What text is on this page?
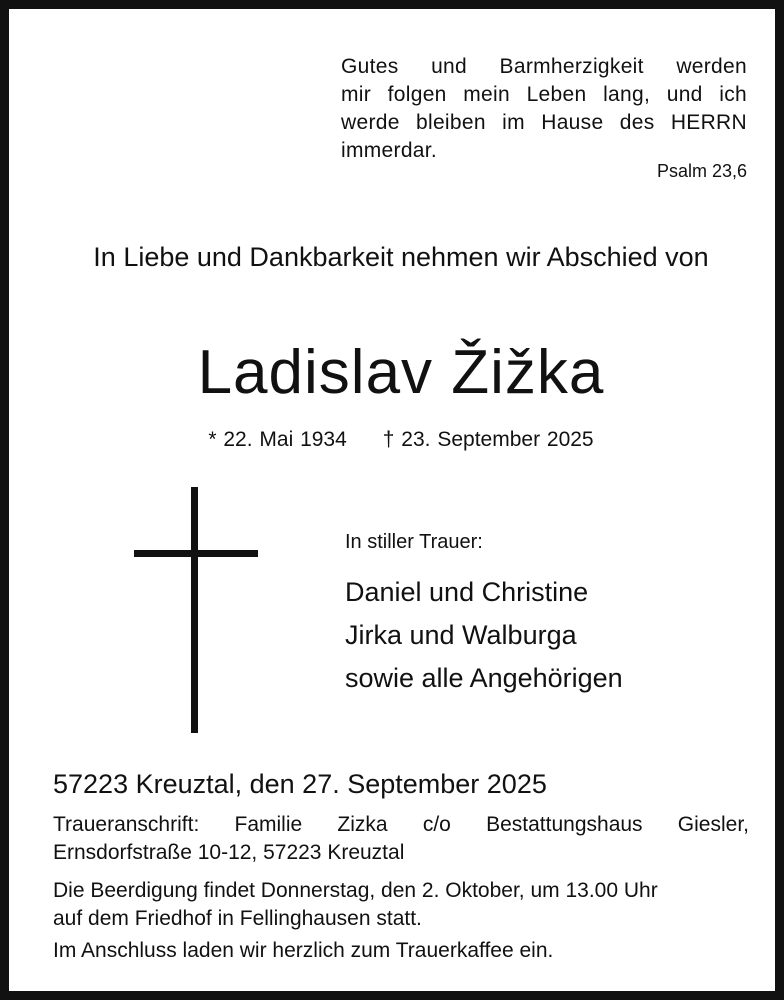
Gutes und Barmherzigkeit werden
mir folgen mein Leben lang, und ich
werde bleiben im Hause des HERRN
immerdar.
Psalm 23,6
In Liebe und Dankbarkeit nehmen wir Abschied von
Ladislav Žižka
* 22. Mai 1934 † 23. September 2025
In stiller Trauer:
Daniel und Christine
Jirka und Walburga
sowie alle Angehörigen
57223 Kreuztal, den 27. September 2025
Traueranschrift: Familie Zizka c/o Bestattungshaus Giesler,
Ernsdorfstraße 10-12, 57223 Kreuztal
Die Beerdigung findet Donnerstag, den 2. Oktober, um 13.00 Uhr
auf dem Friedhof in Fellinghausen statt.
Im Anschluss laden wir herzlich zum Trauerkaffee ein.
